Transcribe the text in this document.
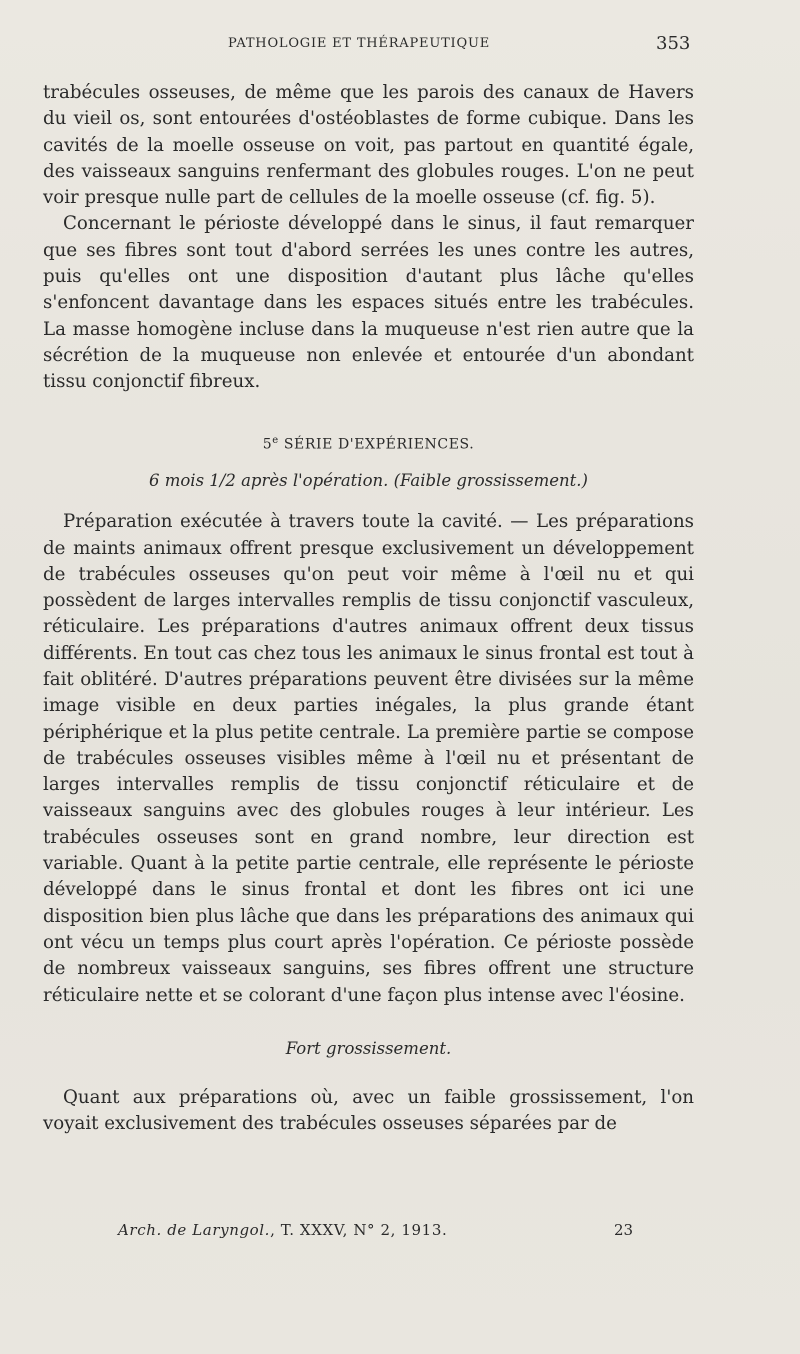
PATHOLOGIE ET THÉRAPEUTIQUE	353

trabécules osseuses, de même que les parois des canaux de Havers du vieil os, sont entourées d'ostéoblastes de forme cubique. Dans les cavités de la moelle osseuse on voit, pas partout en quantité égale, des vaisseaux sanguins renfermant des globules rouges. L'on ne peut voir presque nulle part de cellules de la moelle osseuse (cf. fig. 5).

Concernant le périoste développé dans le sinus, il faut remarquer que ses fibres sont tout d'abord serrées les unes contre les autres, puis qu'elles ont une disposition d'autant plus lâche qu'elles s'enfoncent davantage dans les espaces situés entre les trabécules. La masse homogène incluse dans la muqueuse n'est rien autre que la sécrétion de la muqueuse non enlevée et entourée d'un abondant tissu conjonctif fibreux.

5e SÉRIE D'EXPÉRIENCES.

6 mois 1/2 après l'opération. (Faible grossissement.)

Préparation exécutée à travers toute la cavité. — Les préparations de maints animaux offrent presque exclusivement un développement de trabécules osseuses qu'on peut voir même à l'œil nu et qui possèdent de larges intervalles remplis de tissu conjonctif vasculeux, réticulaire. Les préparations d'autres animaux offrent deux tissus différents. En tout cas chez tous les animaux le sinus frontal est tout à fait oblitéré. D'autres préparations peuvent être divisées sur la même image visible en deux parties inégales, la plus grande étant périphérique et la plus petite centrale. La première partie se compose de trabécules osseuses visibles même à l'œil nu et présentant de larges intervalles remplis de tissu conjonctif réticulaire et de vaisseaux sanguins avec des globules rouges à leur intérieur. Les trabécules osseuses sont en grand nombre, leur direction est variable. Quant à la petite partie centrale, elle représente le périoste développé dans le sinus frontal et dont les fibres ont ici une disposition bien plus lâche que dans les préparations des animaux qui ont vécu un temps plus court après l'opération. Ce périoste possède de nombreux vaisseaux sanguins, ses fibres offrent une structure réticulaire nette et se colorant d'une façon plus intense avec l'éosine.

Fort grossissement.

Quant aux préparations où, avec un faible grossissement, l'on voyait exclusivement des trabécules osseuses séparées par de

Arch. de Laryngol., T. XXXV, N° 2, 1913.	23
